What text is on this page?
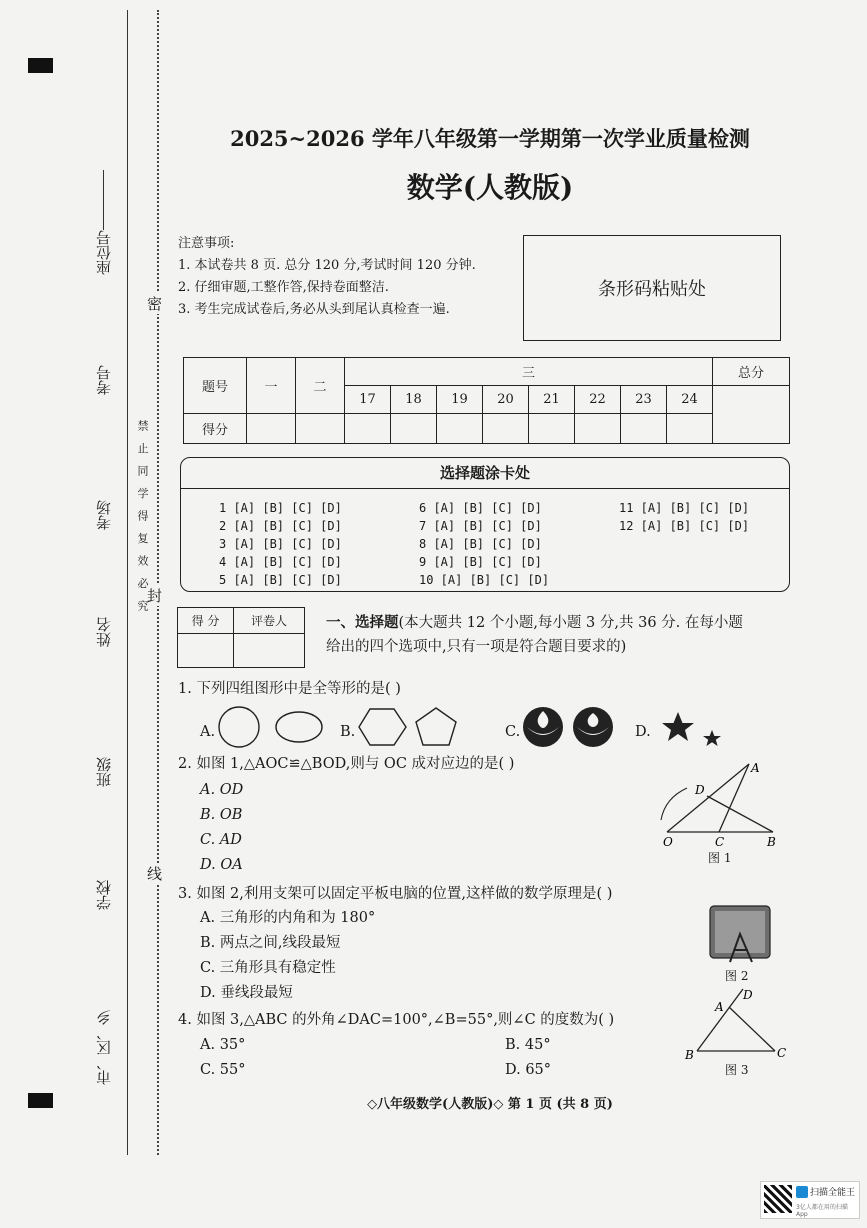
座位号
考号
考场
姓名
班级
学校
市、区、乡
密
封
线
禁 止 同 学 得 复 效 必 究
2025~2026 学年八年级第一学期第一次学业质量检测
数学(人教版)
注意事项:
1. 本试卷共 8 页. 总分 120 分,考试时间 120 分钟.
2. 仔细审题,工整作答,保持卷面整洁.
3. 考生完成试卷后,务必从头到尾认真检查一遍.
条形码粘贴处
题号	一	二	三								总分
			17	18	19	20	21	22	23	24	
得分											
选择题涂卡处
1 [A] [B] [C] [D]
2 [A] [B] [C] [D]
3 [A] [B] [C] [D]
4 [A] [B] [C] [D]
5 [A] [B] [C] [D]
6 [A] [B] [C] [D]
7 [A] [B] [C] [D]
8 [A] [B] [C] [D]
9 [A] [B] [C] [D]
10 [A] [B] [C] [D]
11 [A] [B] [C] [D]
12 [A] [B] [C] [D]
得 分	评卷人
		一、选择题(本大题共 12 个小题,每小题 3 分,共 36 分. 在每小题
给出的四个选项中,只有一项是符合题目要求的)
1. 下列四组图形中是全等形的是( )
A.	B.	C.	D.
2. 如图 1,△AOC≌△BOD,则与 OC 成对应边的是( )
A. OD
B. OB
C. AD
D. OA
A
D
O	C	B
图 1
3. 如图 2,利用支架可以固定平板电脑的位置,这样做的数学原理是( )
A. 三角形的内角和为 180°
B. 两点之间,线段最短
C. 三角形具有稳定性
D. 垂线段最短
图 2
4. 如图 3,△ABC 的外角∠DAC=100°,∠B=55°,则∠C 的度数为( )
A. 35°	B. 45°
C. 55°	D. 65°
A
D
B	C
图 3
◇八年级数学(人教版)◇ 第 1 页 (共 8 页)
扫描全能王
3亿人都在用的扫描App
